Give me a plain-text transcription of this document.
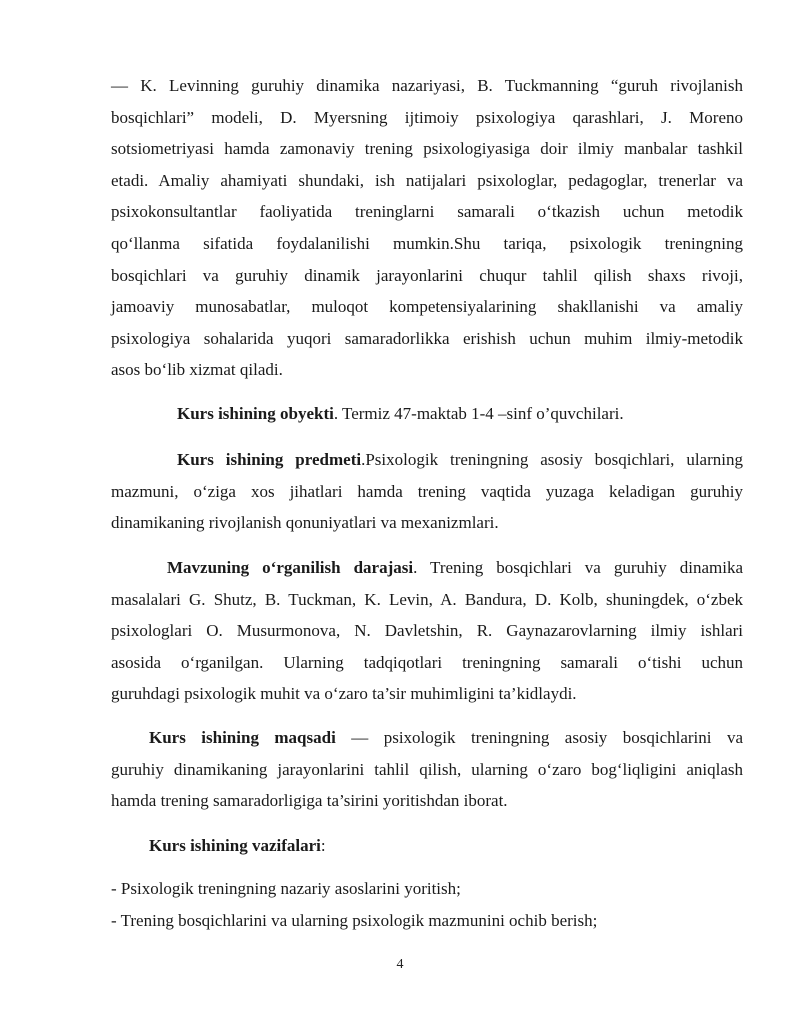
— K. Levinning guruhiy dinamika nazariyasi, B. Tuckmanning “guruh rivojlanish
bosqichlari” modeli, D. Myersning ijtimoiy psixologiya qarashlari, J. Moreno
sotsiometriyasi hamda zamonaviy trening psixologiyasiga doir ilmiy manbalar tashkil
etadi. Amaliy ahamiyati shundaki, ish natijalari psixologlar, pedagoglar, trenerlar va
psixokonsultantlar faoliyatida treninglarni samarali o‘tkazish uchun metodik
qo‘llanma sifatida foydalanilishi mumkin.Shu tariqa, psixologik treningning
bosqichlari va guruhiy dinamik jarayonlarini chuqur tahlil qilish shaxs rivoji,
jamoaviy munosabatlar, muloqot kompetensiyalarining shakllanishi va amaliy
psixologiya sohalarida yuqori samaradorlikka erishish uchun muhim ilmiy-metodik
asos bo‘lib xizmat qiladi.
Kurs ishining obyekti. Termiz 47-maktab 1-4 –sinf o’quvchilari.
Kurs ishining predmeti.Psixologik treningning asosiy bosqichlari, ularning
mazmuni, o‘ziga xos jihatlari hamda trening vaqtida yuzaga keladigan guruhiy
dinamikaning rivojlanish qonuniyatlari va mexanizmlari.
Mavzuning o‘rganilish darajasi. Trening bosqichlari va guruhiy dinamika
masalalari G. Shutz, B. Tuckman, K. Levin, A. Bandura, D. Kolb, shuningdek, o‘zbek
psixologlari O. Musurmonova, N. Davletshin, R. Gaynazarovlarning ilmiy ishlari
asosida o‘rganilgan. Ularning tadqiqotlari treningning samarali o‘tishi uchun
guruhdagi psixologik muhit va o‘zaro ta’sir muhimligini ta’kidlaydi.
Kurs ishining maqsadi — psixologik treningning asosiy bosqichlarini va
guruhiy dinamikaning jarayonlarini tahlil qilish, ularning o‘zaro bog‘liqligini aniqlash
hamda trening samaradorligiga ta’sirini yoritishdan iborat.
Kurs ishining vazifalari:
- Psixologik treningning nazariy asoslarini yoritish;
- Trening bosqichlarini va ularning psixologik mazmunini ochib berish;
4
